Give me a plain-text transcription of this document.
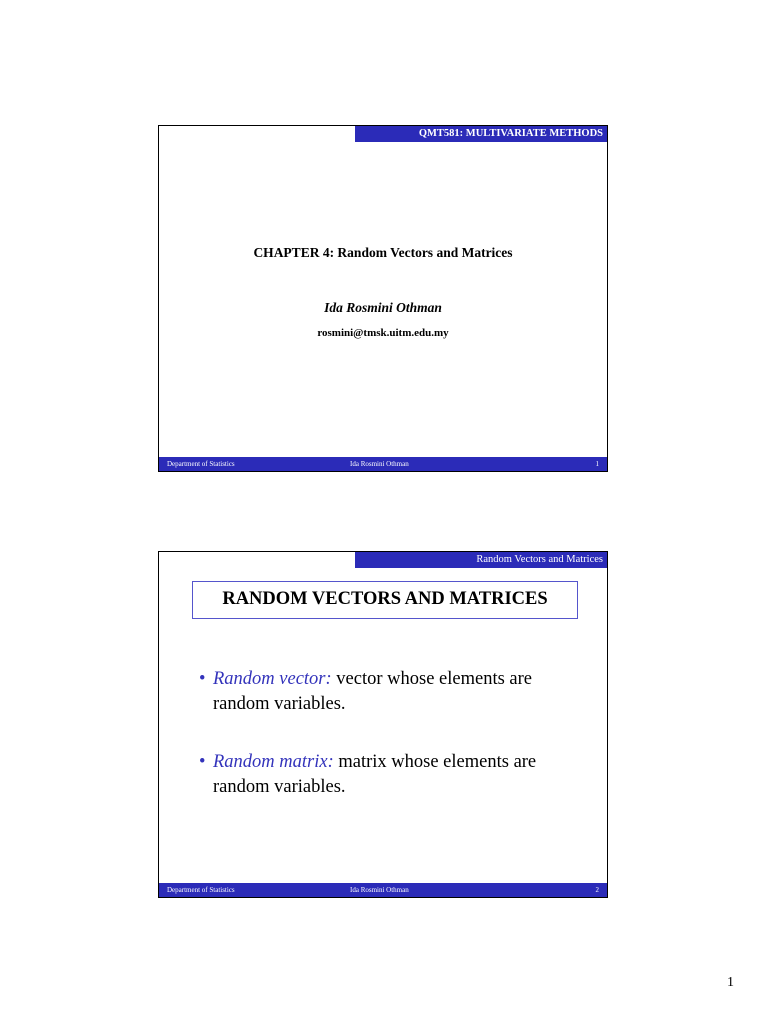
QMT581: MULTIVARIATE METHODS
CHAPTER 4: Random Vectors and Matrices
Ida Rosmini Othman
rosmini@tmsk.uitm.edu.my
Department of Statistics	Ida Rosmini Othman	1
Random Vectors and Matrices
RANDOM VECTORS AND MATRICES
• Random vector: vector whose elements are random variables.
• Random matrix: matrix whose elements are random variables.
Department of Statistics	Ida Rosmini Othman	2
1
